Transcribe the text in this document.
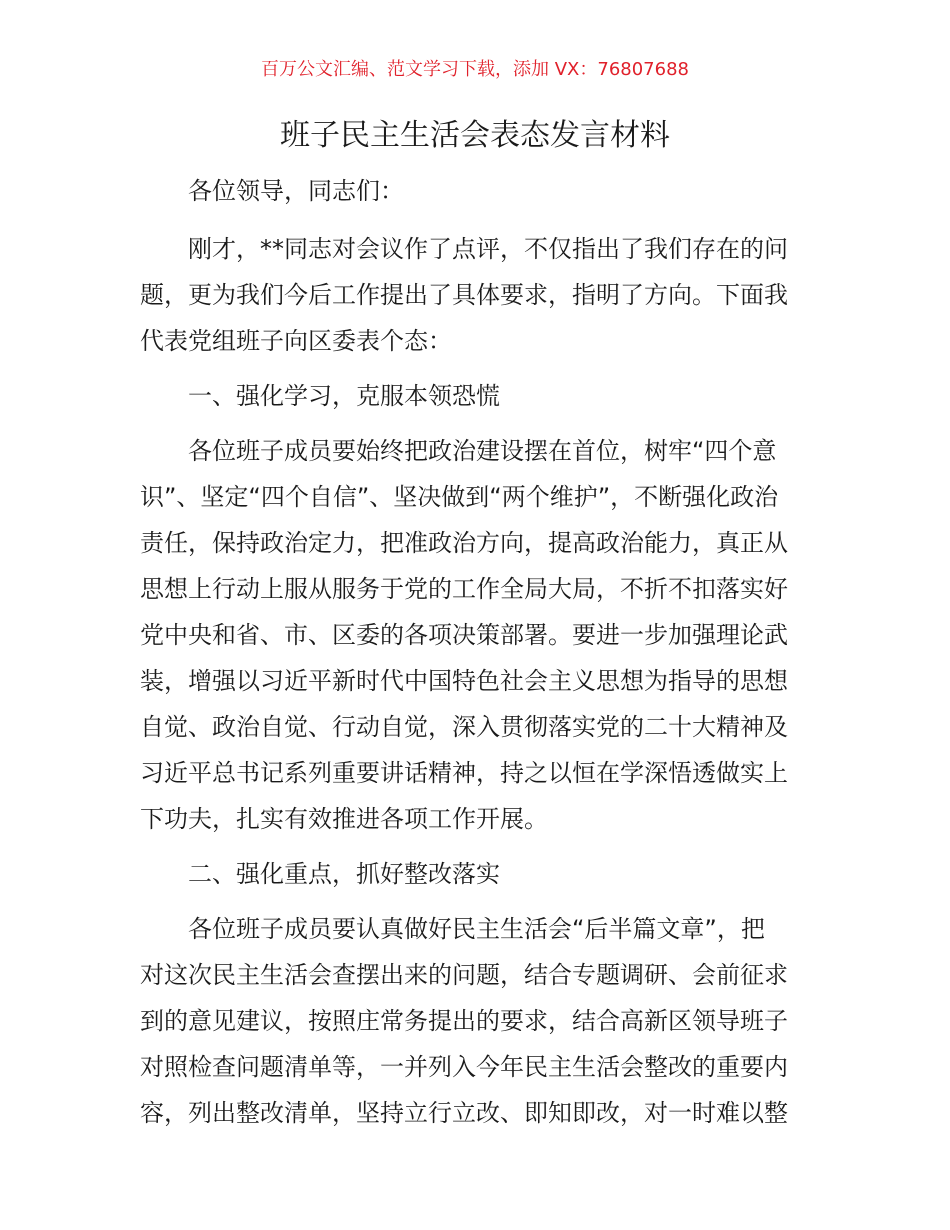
百万公文汇编、范文学习下载，添加 VX：76807688
班子民主生活会表态发言材料

各位领导，同志们：

刚才，**同志对会议作了点评，不仅指出了我们存在的问
题，更为我们今后工作提出了具体要求，指明了方向。下面我
代表党组班子向区委表个态：

一、强化学习，克服本领恐慌

各位班子成员要始终把政治建设摆在首位，树牢“四个意
识”、坚定“四个自信”、坚决做到“两个维护”，不断强化政治
责任，保持政治定力，把准政治方向，提高政治能力，真正从
思想上行动上服从服务于党的工作全局大局，不折不扣落实好
党中央和省、市、区委的各项决策部署。要进一步加强理论武
装，增强以习近平新时代中国特色社会主义思想为指导的思想
自觉、政治自觉、行动自觉，深入贯彻落实党的二十大精神及
习近平总书记系列重要讲话精神，持之以恒在学深悟透做实上
下功夫，扎实有效推进各项工作开展。

二、强化重点，抓好整改落实

各位班子成员要认真做好民主生活会“后半篇文章”，把
对这次民主生活会查摆出来的问题，结合专题调研、会前征求
到的意见建议，按照庄常务提出的要求，结合高新区领导班子
对照检查问题清单等，一并列入今年民主生活会整改的重要内
容，列出整改清单，坚持立行立改、即知即改，对一时难以整
